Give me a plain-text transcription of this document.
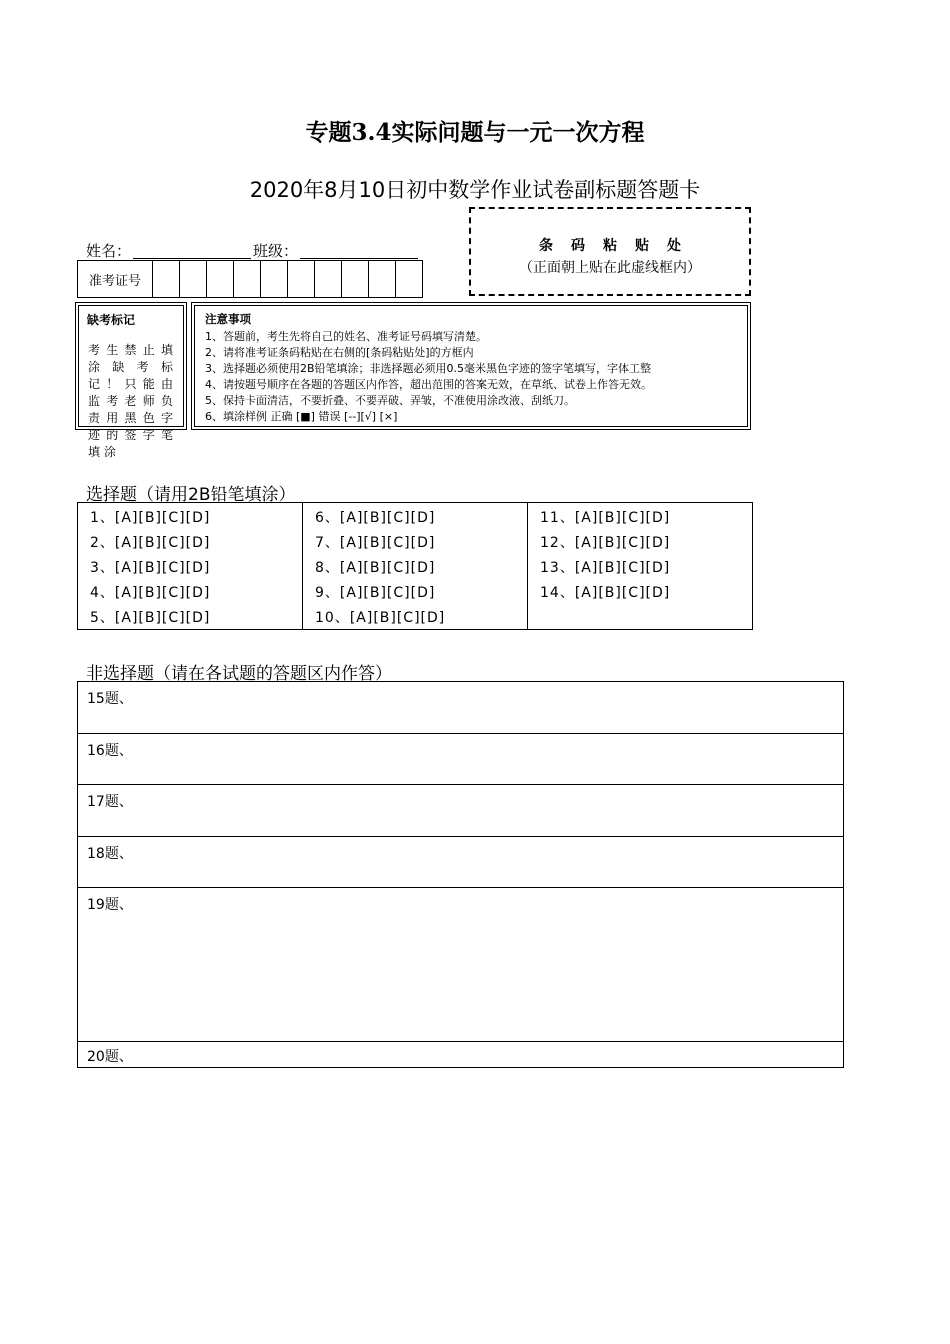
专题3.4实际问题与一元一次方程
2020年8月10日初中数学作业试卷副标题答题卡
姓名：	班级：
准考证号
条码粘贴处
（正面朝上贴在此虚线框内）
缺考标记
考生禁止填涂缺考标记！只能由监考老师负责用黑色字迹的签字笔填涂
注意事项
1、答题前，考生先将自己的姓名、准考证号码填写清楚。
2、请将准考证条码粘贴在右侧的[条码粘贴处]的方框内
3、选择题必须使用2B铅笔填涂；非选择题必须用0.5毫米黑色字迹的签字笔填写，字体工整
4、请按题号顺序在各题的答题区内作答，超出范围的答案无效，在草纸、试卷上作答无效。
5、保持卡面清洁，不要折叠、不要弄破、弄皱，不准使用涂改液、刮纸刀。
6、填涂样例 正确 [■] 错误 [--][√] [×]
选择题（请用2B铅笔填涂）
1、[A][B][C][D]
2、[A][B][C][D]
3、[A][B][C][D]
4、[A][B][C][D]
5、[A][B][C][D]
6、[A][B][C][D]
7、[A][B][C][D]
8、[A][B][C][D]
9、[A][B][C][D]
10、[A][B][C][D]
11、[A][B][C][D]
12、[A][B][C][D]
13、[A][B][C][D]
14、[A][B][C][D]
非选择题（请在各试题的答题区内作答）
15题、
16题、
17题、
18题、
19题、
20题、
